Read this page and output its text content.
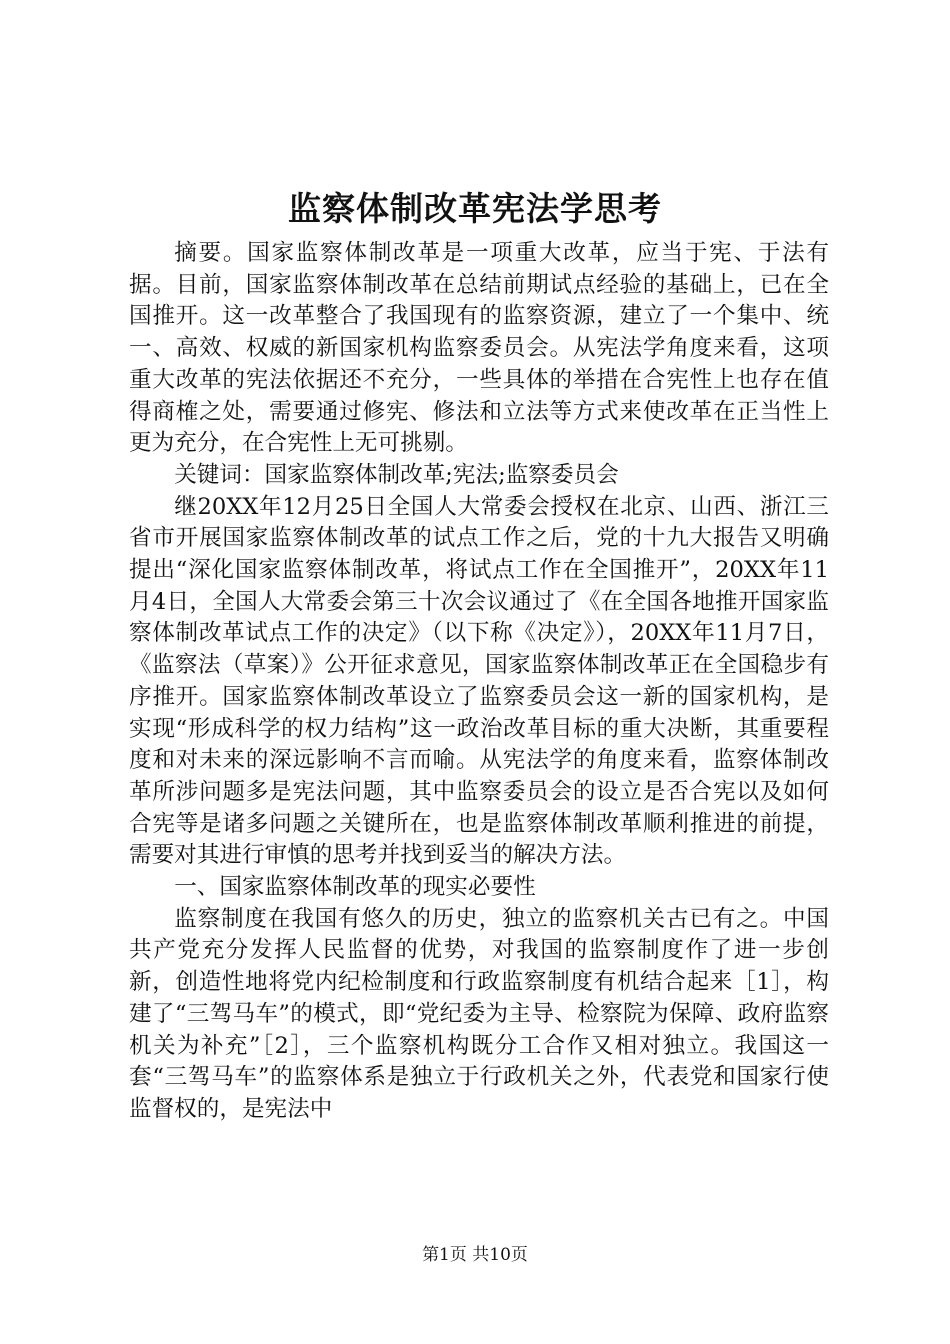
监察体制改革宪法学思考

摘要。国家监察体制改革是一项重大改革，应当于宪、于法有据。目前，国家监察体制改革在总结前期试点经验的基础上，已在全国推开。这一改革整合了我国现有的监察资源，建立了一个集中、统一、高效、权威的新国家机构监察委员会。从宪法学角度来看，这项重大改革的宪法依据还不充分，一些具体的举措在合宪性上也存在值得商榷之处，需要通过修宪、修法和立法等方式来使改革在正当性上更为充分，在合宪性上无可挑剔。

关键词：国家监察体制改革;宪法;监察委员会

继20XX年12月25日全国人大常委会授权在北京、山西、浙江三省市开展国家监察体制改革的试点工作之后，党的十九大报告又明确提出“深化国家监察体制改革，将试点工作在全国推开”，20XX年11月4日，全国人大常委会第三十次会议通过了《在全国各地推开国家监察体制改革试点工作的决定》（以下称《决定》），20XX年11月7日，《监察法（草案）》公开征求意见，国家监察体制改革正在全国稳步有序推开。国家监察体制改革设立了监察委员会这一新的国家机构，是实现“形成科学的权力结构”这一政治改革目标的重大决断，其重要程度和对未来的深远影响不言而喻。从宪法学的角度来看，监察体制改革所涉问题多是宪法问题，其中监察委员会的设立是否合宪以及如何合宪等是诸多问题之关键所在，也是监察体制改革顺利推进的前提，需要对其进行审慎的思考并找到妥当的解决方法。

一、国家监察体制改革的现实必要性

监察制度在我国有悠久的历史，独立的监察机关古已有之。中国共产党充分发挥人民监督的优势，对我国的监察制度作了进一步创新，创造性地将党内纪检制度和行政监察制度有机结合起来［1］，构建了“三驾马车”的模式，即“党纪委为主导、检察院为保障、政府监察机关为补充”［2］，三个监察机构既分工合作又相对独立。我国这一套“三驾马车”的监察体系是独立于行政机关之外，代表党和国家行使监督权的，是宪法中

第1页 共10页
